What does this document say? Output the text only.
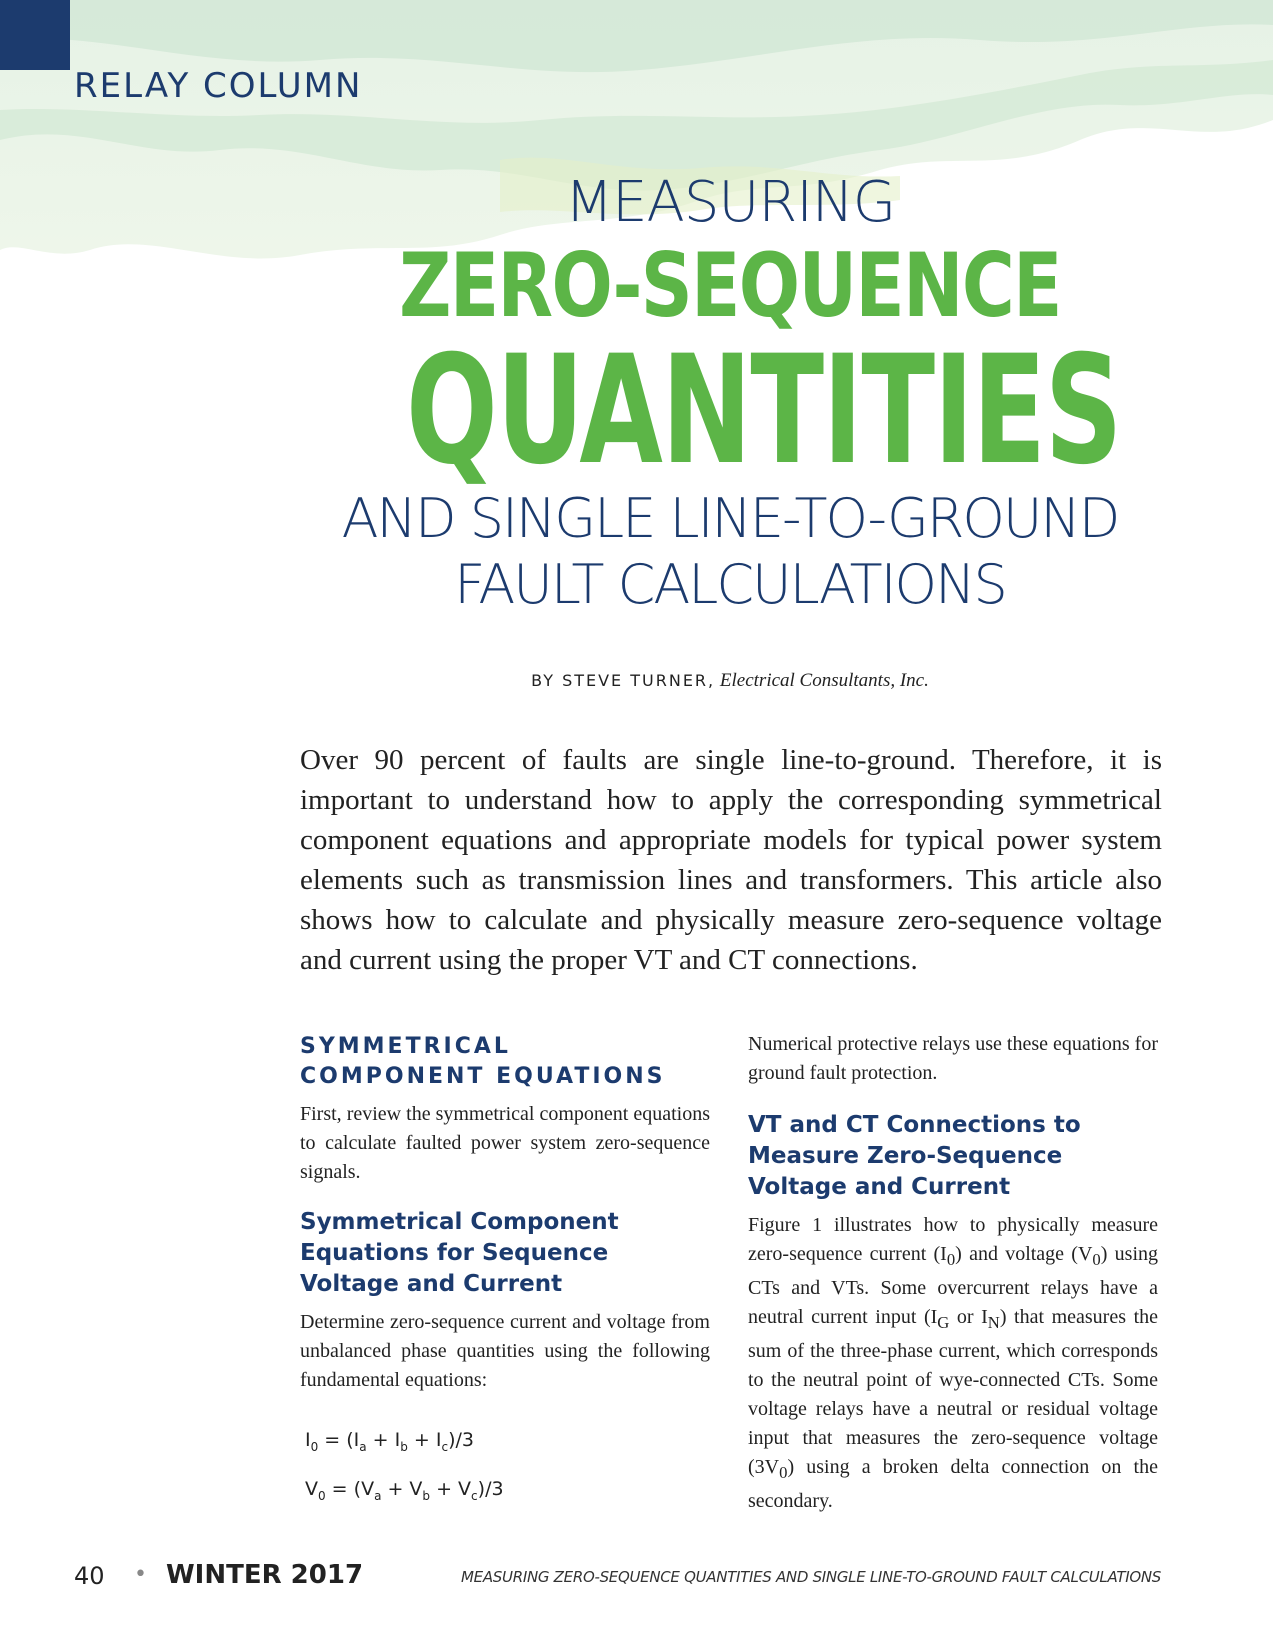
RELAY COLUMN
MEASURING
ZERO-SEQUENCE
QUANTITIES
AND SINGLE LINE-TO-GROUND
FAULT CALCULATIONS
BY STEVE TURNER, Electrical Consultants, Inc.
Over 90 percent of faults are single line-to-ground. Therefore, it is important to understand how to apply the corresponding symmetrical component equations and appropriate models for typical power system elements such as transmission lines and transformers. This article also shows how to calculate and physically measure zero-sequence voltage and current using the proper VT and CT connections.
SYMMETRICAL
COMPONENT EQUATIONS

First, review the symmetrical component equations to calculate faulted power system zero-sequence signals.

Symmetrical Component
Equations for Sequence
Voltage and Current

Determine zero-sequence current and voltage from unbalanced phase quantities using the following fundamental equations:

$I_0 = (I_a + I_b + I_c)/3$
$V_0 = (V_a + V_b + V_c)/3$

Numerical protective relays use these equations for ground fault protection.

VT and CT Connections to
Measure Zero-Sequence
Voltage and Current

Figure 1 illustrates how to physically measure zero-sequence current $(I_0)$ and voltage $(V_0)$ using CTs and VTs. Some overcurrent relays have a neutral current input ($I_G$ or $I_N$) that measures the sum of the three-phase current, which corresponds to the neutral point of wye-connected CTs. Some voltage relays have a neutral or residual voltage input that measures the zero-sequence voltage $(3V_0)$ using a broken delta connection on the secondary.

40 • WINTER 2017	MEASURING ZERO-SEQUENCE QUANTITIES AND SINGLE LINE-TO-GROUND FAULT CALCULATIONS
